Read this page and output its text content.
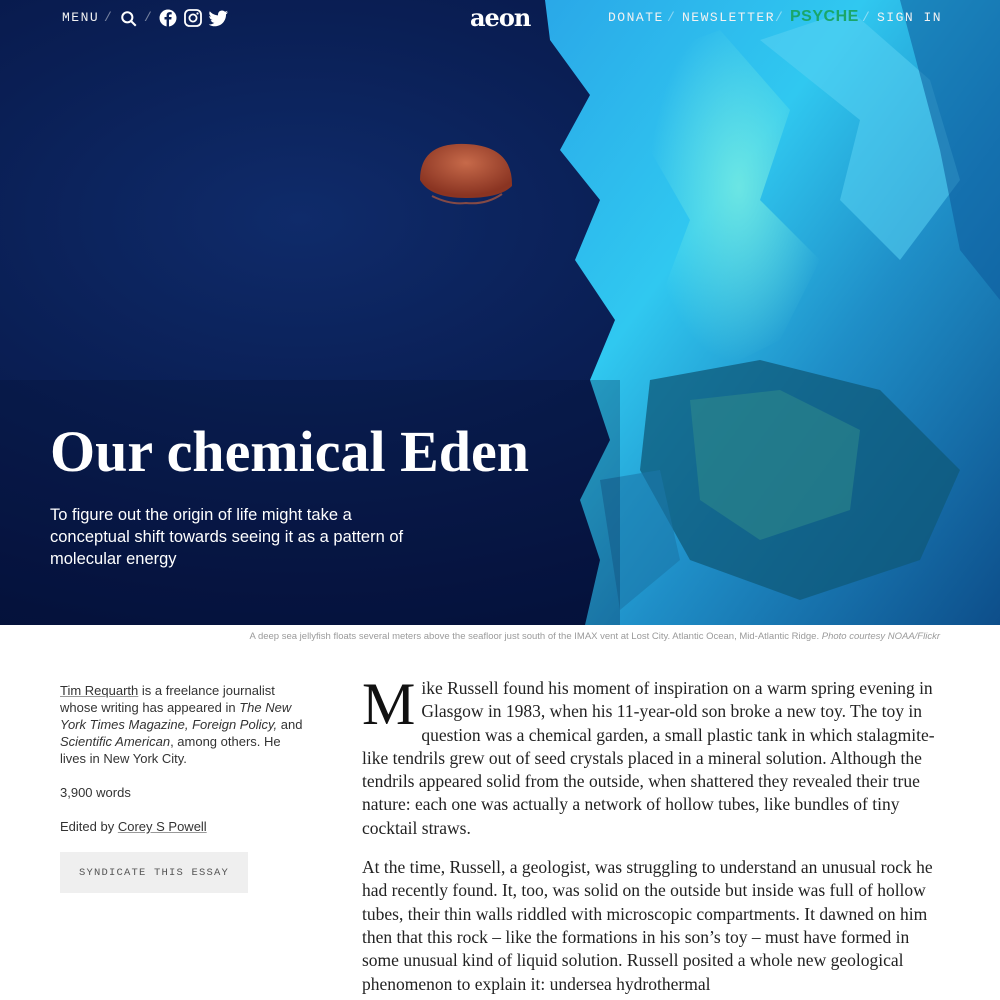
MENU / /	aeon	DONATE / NEWSLETTER / PSYCHE / SIGN IN
Our chemical Eden

To figure out the origin of life might take a conceptual shift towards seeing it as a pattern of molecular energy

A deep sea jellyfish floats several meters above the seafloor just south of the IMAX vent at Lost City. Atlantic Ocean, Mid-Atlantic Ridge. Photo courtesy NOAA/Flickr

Tim Requarth is a freelance journalist whose writing has appeared in The New York Times Magazine, Foreign Policy, and Scientific American, among others. He lives in New York City.

3,900 words

Edited by Corey S Powell

SYNDICATE THIS ESSAY

Mike Russell found his moment of inspiration on a warm spring evening in Glasgow in 1983, when his 11-year-old son broke a new toy. The toy in question was a chemical garden, a small plastic tank in which stalagmite-like tendrils grew out of seed crystals placed in a mineral solution. Although the tendrils appeared solid from the outside, when shattered they revealed their true nature: each one was actually a network of hollow tubes, like bundles of tiny cocktail straws.

At the time, Russell, a geologist, was struggling to understand an unusual rock he had recently found. It, too, was solid on the outside but inside was full of hollow tubes, their thin walls riddled with microscopic compartments. It dawned on him then that this rock – like the formations in his son’s toy – must have formed in some unusual kind of liquid solution. Russell posited a whole new geological phenomenon to explain it: undersea hydrothermal
